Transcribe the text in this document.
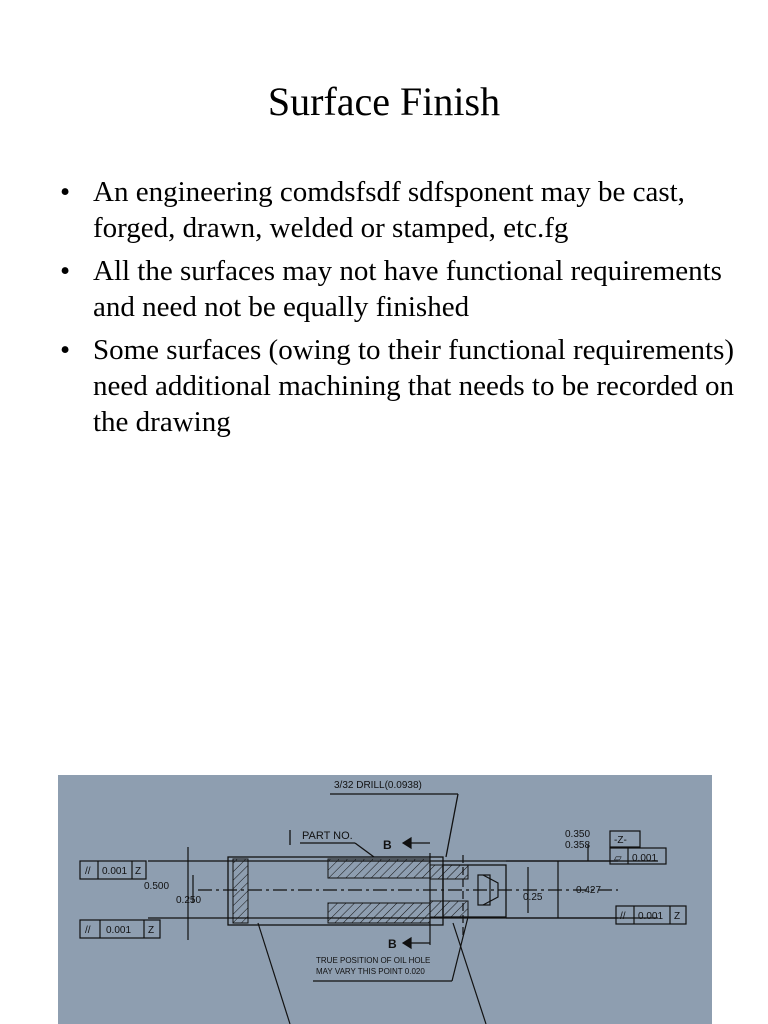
Surface Finish
• An engineering comdsfsdf sdfsponent may be cast, forged, drawn, welded or stamped, etc.fg
• All the surfaces may not have functional requirements and need not be equally finished
• Some surfaces (owing to their functional requirements) need additional machining that needs to be recorded on the drawing
3/32 DRILL(0.0938)
PART NO.
B
B
0.500
0.250	0.25
0.427
0.350
0.358 -Z-
// 0.001 Z
// 0.001 Z
// 0.001 Z
▱ 0.001
TRUE POSITION OF OIL HOLE
MAY VARY THIS POINT 0.020
